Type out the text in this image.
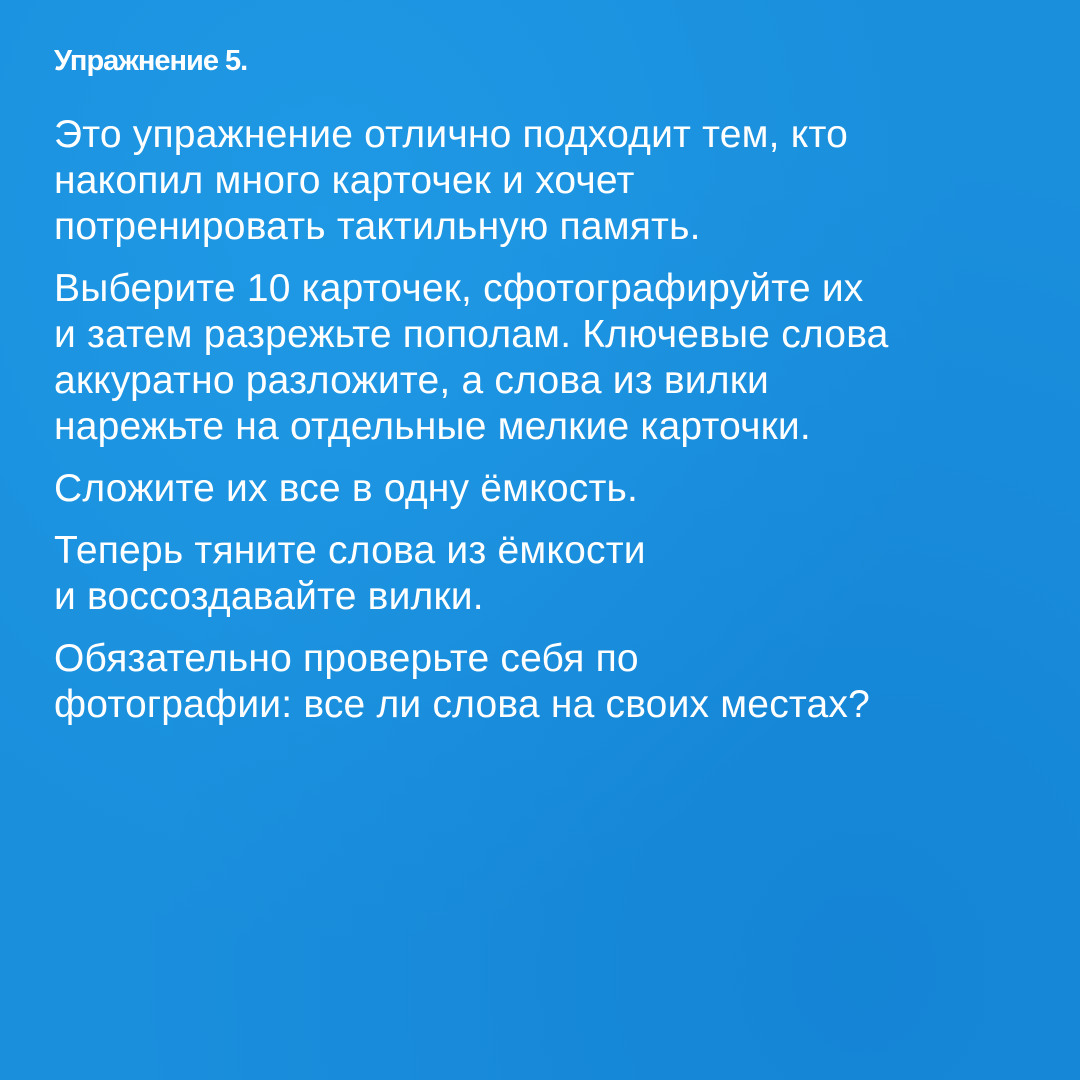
Упражнение 5.

Это упражнение отлично подходит тем, кто
накопил много карточек и хочет
потренировать тактильную память.

Выберите 10 карточек, сфотографируйте их
и затем разрежьте пополам. Ключевые слова
аккуратно разложите, а слова из вилки
нарежьте на отдельные мелкие карточки.

Сложите их все в одну ёмкость.

Теперь тяните слова из ёмкости
и воссоздавайте вилки.

Обязательно проверьте себя по
фотографии: все ли слова на своих местах?
